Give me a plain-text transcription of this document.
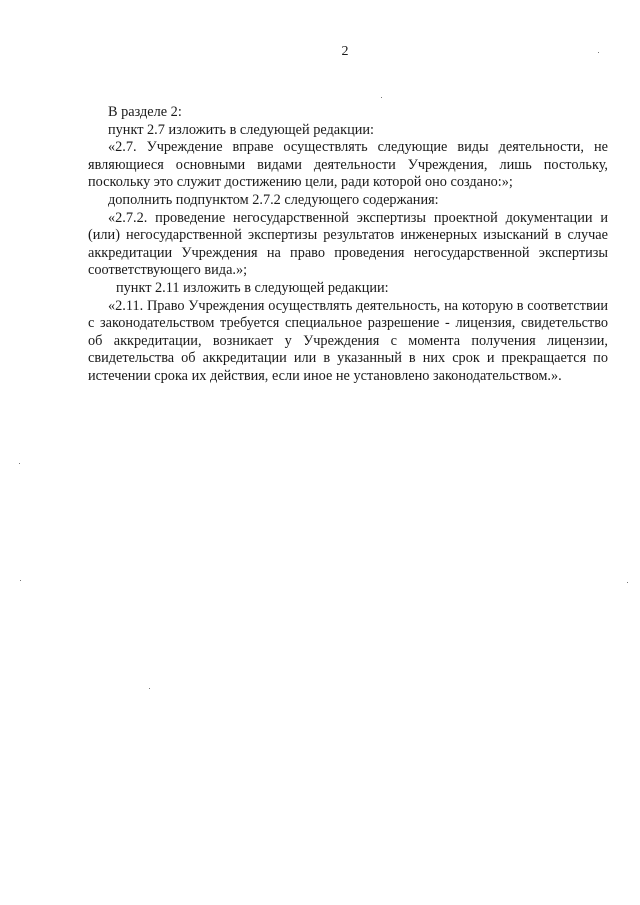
2

В разделе 2:

пункт 2.7 изложить в следующей редакции:

«2.7. Учреждение вправе осуществлять следующие виды деятельности, не являющиеся основными видами деятельности Учреждения, лишь постольку, поскольку это служит достижению цели, ради которой оно создано:»;

дополнить подпунктом 2.7.2 следующего содержания:

«2.7.2. проведение негосударственной экспертизы проектной документации и (или) негосударственной экспертизы результатов инженерных изысканий в случае аккредитации Учреждения на право проведения негосударственной экспертизы соответствующего вида.»;

пункт 2.11 изложить в следующей редакции:

«2.11. Право Учреждения осуществлять деятельность, на которую в соответствии с законодательством требуется специальное разрешение - лицензия, свидетельство об аккредитации, возникает у Учреждения с момента получения лицензии, свидетельства об аккредитации или в указанный в них срок и прекращается по истечении срока их действия, если иное не установлено законодательством.».
